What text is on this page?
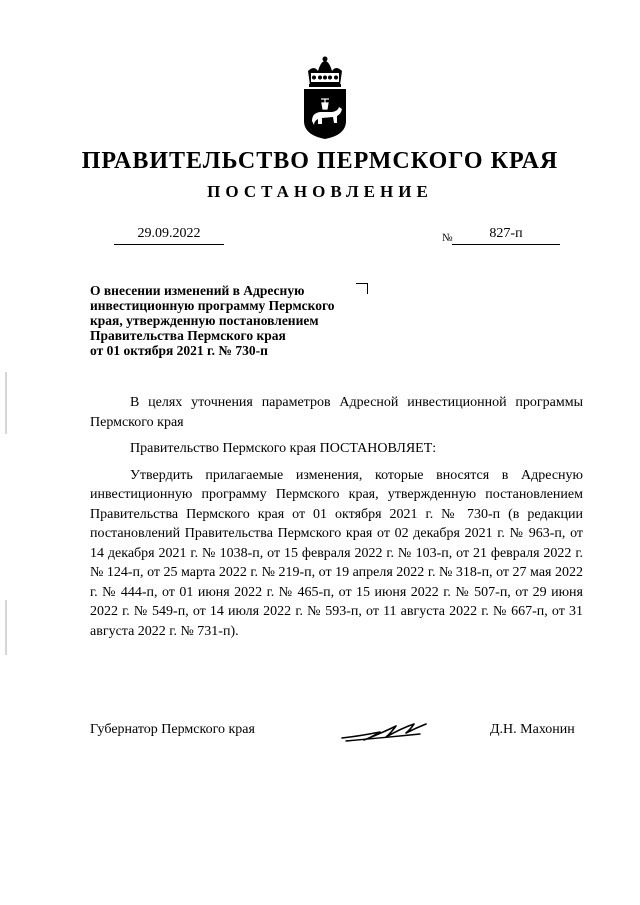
ПРАВИТЕЛЬСТВО ПЕРМСКОГО КРАЯ
ПОСТАНОВЛЕНИЕ
29.09.2022	№	827-п
О внесении изменений в Адресную
инвестиционную программу Пермского
края, утвержденную постановлением
Правительства Пермского края
от 01 октября 2021 г. № 730-п

В целях уточнения параметров Адресной инвестиционной программы Пермского края

Правительство Пермского края ПОСТАНОВЛЯЕТ:

Утвердить прилагаемые изменения, которые вносятся в Адресную инвестиционную программу Пермского края, утвержденную постановлением Правительства Пермского края от 01 октября 2021 г. № 730-п (в редакции постановлений Правительства Пермского края от 02 декабря 2021 г. № 963-п, от 14 декабря 2021 г. № 1038-п, от 15 февраля 2022 г. № 103-п, от 21 февраля 2022 г. № 124-п, от 25 марта 2022 г. № 219-п, от 19 апреля 2022 г. № 318-п, от 27 мая 2022 г. № 444-п, от 01 июня 2022 г. № 465-п, от 15 июня 2022 г. № 507-п, от 29 июня 2022 г. № 549-п, от 14 июля 2022 г. № 593-п, от 11 августа 2022 г. № 667-п, от 31 августа 2022 г. № 731-п).

Губернатор Пермского края	Д.Н. Махонин
